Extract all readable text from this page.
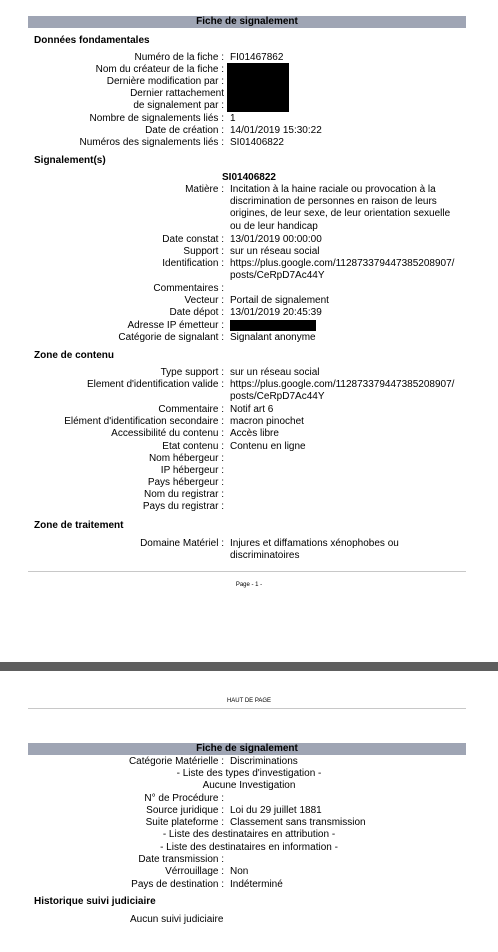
Fiche de signalement
Données fondamentales
Numéro de la fiche : FI01467862
Nom du créateur de la fiche :
Dernière modification par :
Dernier rattachement
de signalement par :
Nombre de signalements liés : 1
Date de création : 14/01/2019 15:30:22
Numéros des signalements liés : SI01406822
Signalement(s)
SI01406822
Matière : Incitation à la haine raciale ou provocation à la discrimination de personnes en raison de leurs origines, de leur sexe, de leur orientation sexuelle ou de leur handicap
Date constat : 13/01/2019 00:00:00
Support : sur un réseau social
Identification : https://plus.google.com/112873379447385208907/ posts/CeRpD7Ac44Y
Commentaires :
Vecteur : Portail de signalement
Date dépot : 13/01/2019 20:45:39
Adresse IP émetteur :
Catégorie de signalant : Signalant anonyme
Zone de contenu
Type support : sur un réseau social
Element d'identification valide : https://plus.google.com/112873379447385208907/ posts/CeRpD7Ac44Y
Commentaire : Notif art 6
Elément d'identification secondaire : macron pinochet
Accessibilité du contenu : Accès libre
Etat contenu : Contenu en ligne
Nom hébergeur :
IP hébergeur :
Pays hébergeur :
Nom du registrar :
Pays du registrar :
Zone de traitement
Domaine Matériel : Injures et diffamations xénophobes ou discriminatoires
Page - 1 -
HAUT DE PAGE
Fiche de signalement
Catégorie Matérielle : Discriminations
- Liste des types d'investigation -
Aucune Investigation
N° de Procédure :
Source juridique : Loi du 29 juillet 1881
Suite plateforme : Classement sans transmission
- Liste des destinataires en attribution -
- Liste des destinataires en information -
Date transmission :
Vérrouillage : Non
Pays de destination : Indéterminé
Historique suivi judiciaire
Aucun suivi judiciaire
